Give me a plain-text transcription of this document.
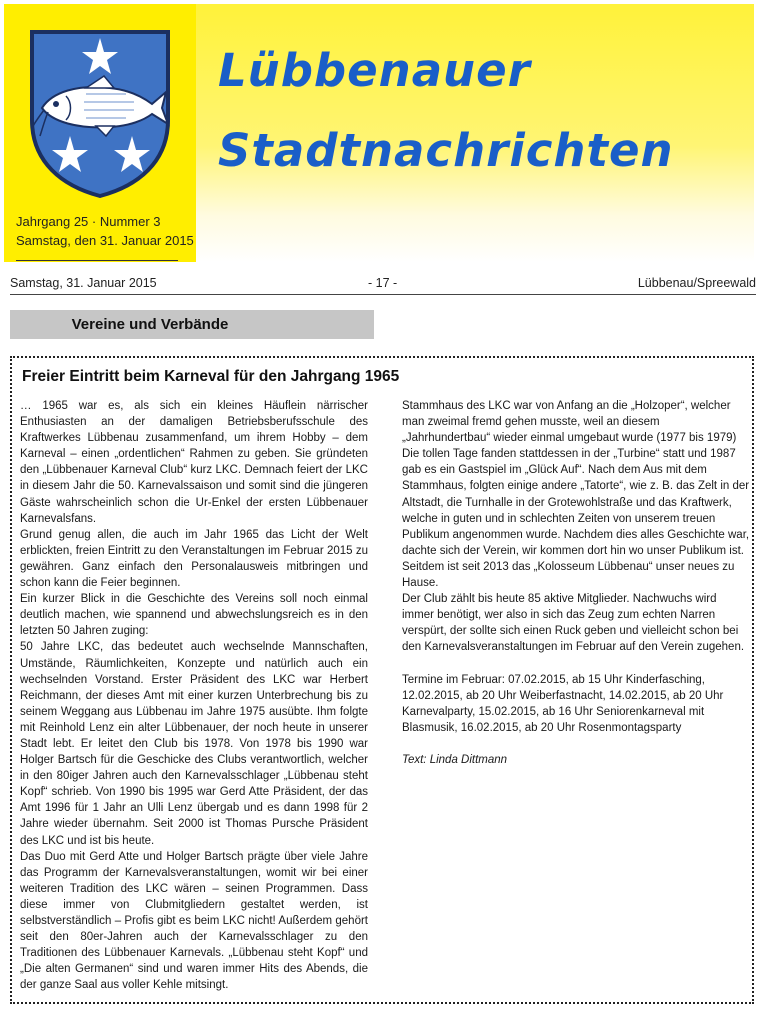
Jahrgang 25 · Nummer 3
Samstag, den 31. Januar 2015
Lübbenauer
Stadtnachrichten
Samstag, 31. Januar 2015	- 17 -	Lübbenau/Spreewald
Vereine und Verbände
Freier Eintritt beim Karneval für den Jahrgang 1965

… 1965 war es, als sich ein kleines Häuflein närrischer Enthusiasten an der damaligen Betriebsberufsschule des Kraftwerkes Lübbenau zusammenfand, um ihrem Hobby – dem Karneval – einen „ordentlichen“ Rahmen zu geben. Sie gründeten den „Lübbenauer Karneval Club“ kurz LKC. Demnach feiert der LKC in diesem Jahr die 50. Karnevalssaison und somit sind die jüngeren Gäste wahrscheinlich schon die Ur-Enkel der ersten Lübbenauer Karnevalsfans.

Grund genug allen, die auch im Jahr 1965 das Licht der Welt erblickten, freien Eintritt zu den Veranstaltungen im Februar 2015 zu gewähren. Ganz einfach den Personalausweis mitbringen und schon kann die Feier beginnen.

Ein kurzer Blick in die Geschichte des Vereins soll noch einmal deutlich machen, wie spannend und abwechslungsreich es in den letzten 50 Jahren zuging:

50 Jahre LKC, das bedeutet auch wechselnde Mannschaften, Umstände, Räumlichkeiten, Konzepte und natürlich auch ein wechselnden Vorstand. Erster Präsident des LKC war Herbert Reichmann, der dieses Amt mit einer kurzen Unterbrechung bis zu seinem Weggang aus Lübbenau im Jahre 1975 ausübte. Ihm folgte mit Reinhold Lenz ein alter Lübbenauer, der noch heute in unserer Stadt lebt. Er leitet den Club bis 1978. Von 1978 bis 1990 war Holger Bartsch für die Geschicke des Clubs verantwortlich, welcher in den 80iger Jahren auch den Karnevalsschlager „Lübbenau steht Kopf“ schrieb. Von 1990 bis 1995 war Gerd Atte Präsident, der das Amt 1996 für 1 Jahr an Ulli Lenz übergab und es dann 1998 für 2 Jahre wieder übernahm. Seit 2000 ist Thomas Pursche Präsident des LKC und ist bis heute.

Das Duo mit Gerd Atte und Holger Bartsch prägte über viele Jahre das Programm der Karnevalsveranstaltungen, womit wir bei einer weiteren Tradition des LKC wären – seinen Programmen. Dass diese immer von Clubmitgliedern gestaltet werden, ist selbstverständlich – Profis gibt es beim LKC nicht! Außerdem gehört seit den 80er-Jahren auch der Karnevalsschlager zu den Traditionen des Lübbenauer Karnevals. „Lübbenau steht Kopf“ und „Die alten Germanen“ sind und waren immer Hits des Abends, die der ganze Saal aus voller Kehle mitsingt.

Stammhaus des LKC war von Anfang an die „Holzoper“, welcher man zweimal fremd gehen musste, weil an diesem „Jahrhundertbau“ wieder einmal umgebaut wurde (1977 bis 1979) Die tollen Tage fanden stattdessen in der „Turbine“ statt und 1987 gab es ein Gastspiel im „Glück Auf“. Nach dem Aus mit dem Stammhaus, folgten einige andere „Tatorte“, wie z. B. das Zelt in der Altstadt, die Turnhalle in der Grotewohlstraße und das Kraftwerk, welche in guten und in schlechten Zeiten von unserem treuen Publikum angenommen wurde. Nachdem dies alles Geschichte war, dachte sich der Verein, wir kommen dort hin wo unser Publikum ist. Seitdem ist seit 2013 das „Kolosseum Lübbenau“ unser neues zu Hause.

Der Club zählt bis heute 85 aktive Mitglieder. Nachwuchs wird immer benötigt, wer also in sich das Zeug zum echten Narren verspürt, der sollte sich einen Ruck geben und vielleicht schon bei den Karnevalsveranstaltungen im Februar auf den Verein zugehen.

Termine im Februar: 07.02.2015, ab 15 Uhr Kinderfasching, 12.02.2015, ab 20 Uhr Weiberfastnacht, 14.02.2015, ab 20 Uhr Karnevalparty, 15.02.2015, ab 16 Uhr Seniorenkarneval mit Blasmusik, 16.02.2015, ab 20 Uhr Rosenmontagsparty

Text: Linda Dittmann
